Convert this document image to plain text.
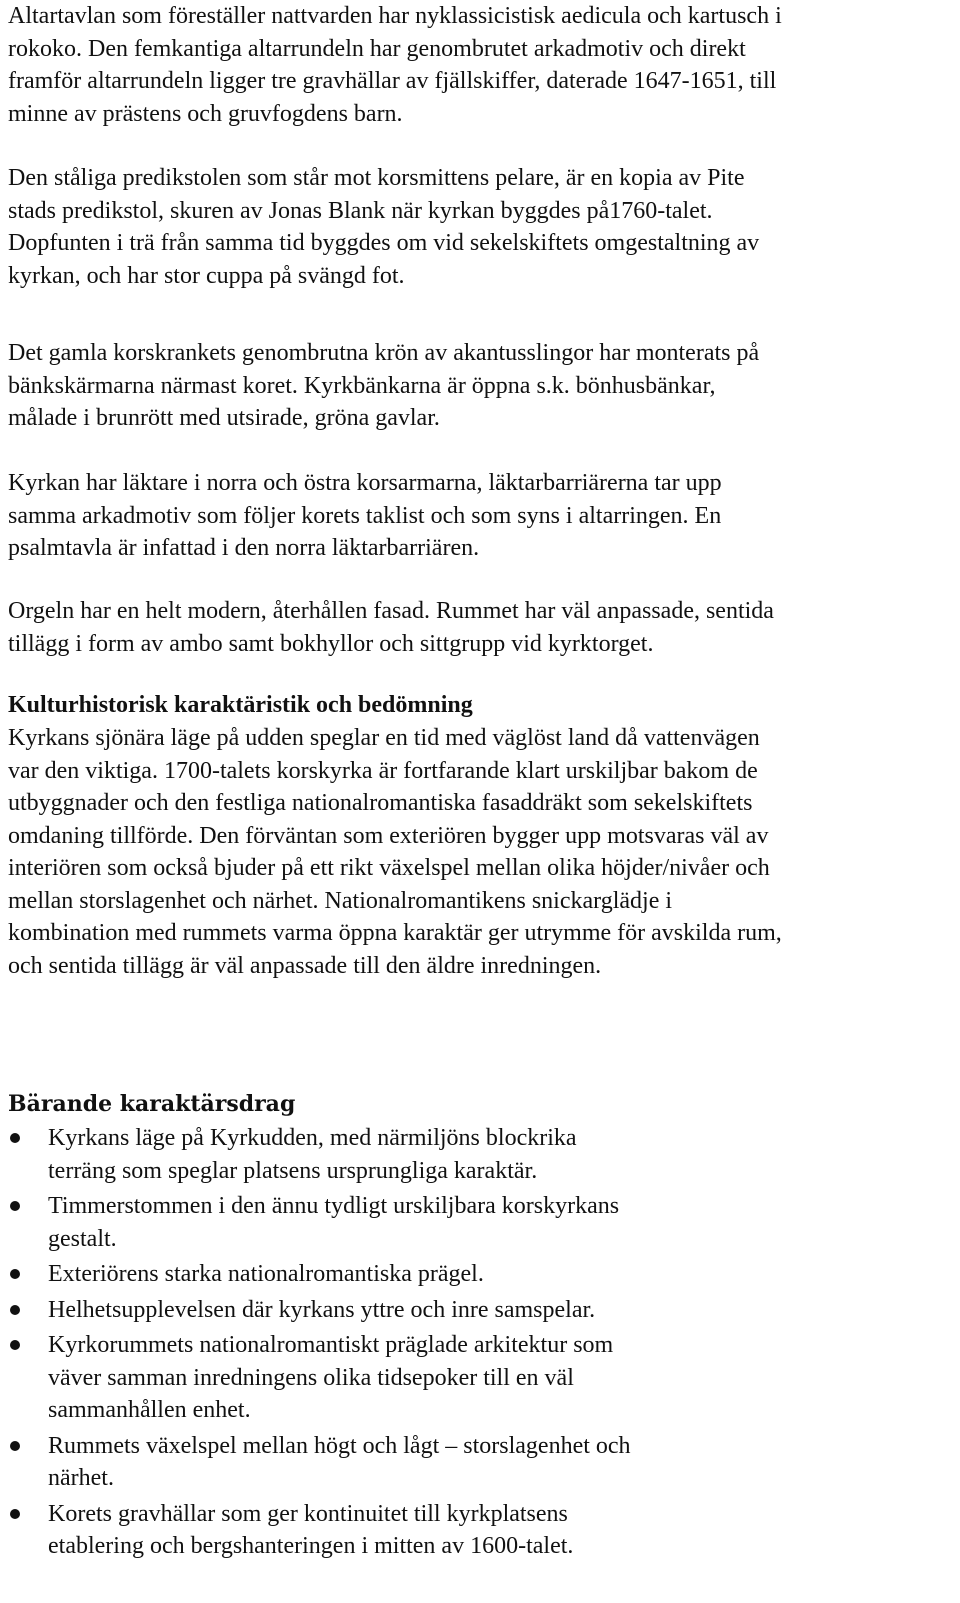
Altartavlan som föreställer nattvarden har nyklassicistisk aedicula och kartusch i
rokoko. Den femkantiga altarrundeln har genombrutet arkadmotiv och direkt
framför altarrundeln ligger tre gravhällar av fjällskiffer, daterade 1647-1651, till
minne av prästens och gruvfogdens barn.

Den ståliga predikstolen som står mot korsmittens pelare, är en kopia av Pite
stads predikstol, skuren av Jonas Blank när kyrkan byggdes på1760-talet.
Dopfunten i trä från samma tid byggdes om vid sekelskiftets omgestaltning av
kyrkan, och har stor cuppa på svängd fot.

Det gamla korskrankets genombrutna krön av akantusslingor har monterats på
bänkskärmarna närmast koret. Kyrkbänkarna är öppna s.k. bönhusbänkar,
målade i brunrött med utsirade, gröna gavlar.

Kyrkan har läktare i norra och östra korsarmarna, läktarbarriärerna tar upp
samma arkadmotiv som följer korets taklist och som syns i altarringen. En
psalmtavla är infattad i den norra läktarbarriären.

Orgeln har en helt modern, återhållen fasad. Rummet har väl anpassade, sentida
tillägg i form av ambo samt bokhyllor och sittgrupp vid kyrktorget.

Kulturhistorisk karaktäristik och bedömning

Kyrkans sjönära läge på udden speglar en tid med väglöst land då vattenvägen
var den viktiga. 1700-talets korskyrka är fortfarande klart urskiljbar bakom de
utbyggnader och den festliga nationalromantiska fasaddräkt som sekelskiftets
omdaning tillförde. Den förväntan som exteriören bygger upp motsvaras väl av
interiören som också bjuder på ett rikt växelspel mellan olika höjder/nivåer och
mellan storslagenhet och närhet. Nationalromantikens snickarglädje i
kombination med rummets varma öppna karaktär ger utrymme för avskilda rum,
och sentida tillägg är väl anpassade till den äldre inredningen.

Bärande karaktärsdrag
Kyrkans läge på Kyrkudden, med närmiljöns blockrika
terräng som speglar platsens ursprungliga karaktär.
Timmerstommen i den ännu tydligt urskiljbara korskyrkans
gestalt.
Exteriörens starka nationalromantiska prägel.
Helhetsupplevelsen där kyrkans yttre och inre samspelar.
Kyrkorummets nationalromantiskt präglade arkitektur som
väver samman inredningens olika tidsepoker till en väl
sammanhållen enhet.
Rummets växelspel mellan högt och lågt – storslagenhet och
närhet.
Korets gravhällar som ger kontinuitet till kyrkplatsens
etablering och bergshanteringen i mitten av 1600-talet.
